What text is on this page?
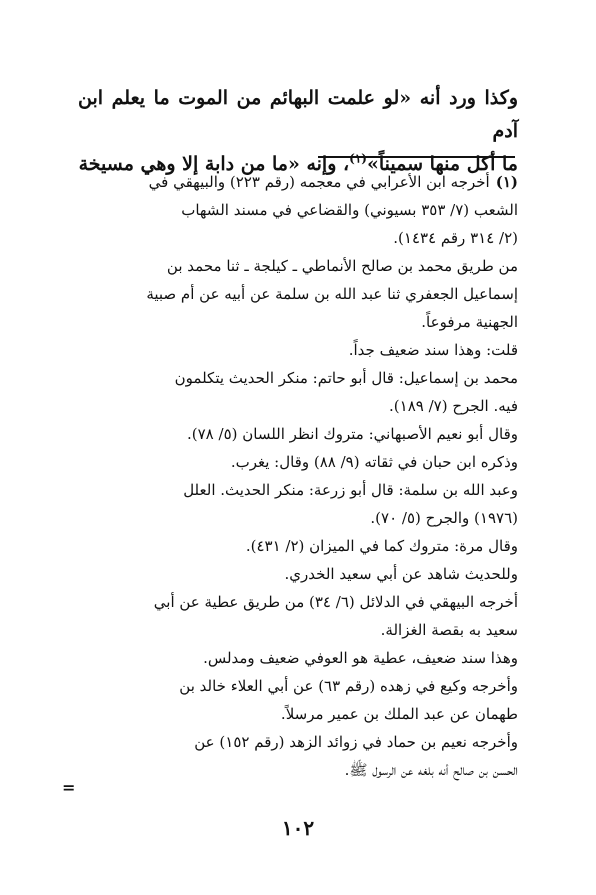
وكذا ورد أنه «لو علمت البهائم من الموت ما يعلم ابن آدم

ما أكل منها سميناً»$^{(١)}$، وإنه «ما من دابة إلا وهي مسيخة

(١)أخرجه ابن الأعرابي في معجمه (رقم ٢٢٣) والبيهقي في

الشعب (٧/ ٣٥٣ بسيوني) والقضاعي في مسند الشهاب

(٢/ ٣١٤ رقم ١٤٣٤).

من طريق محمد بن صالح الأنماطي ـ كيلجة ـ ثنا محمد بن

إسماعيل الجعفري ثنا عبد الله بن سلمة عن أبيه عن أم صبية

الجهنية مرفوعاً.

قلت: وهذا سند ضعيف جداً.

محمد بن إسماعيل: قال أبو حاتم: منكر الحديث يتكلمون

فيه. الجرح (٧/ ١٨٩).

وقال أبو نعيم الأصبهاني: متروك انظر اللسان (٥/ ٧٨).

وذكره ابن حبان في ثقاته (٩/ ٨٨) وقال: يغرب.

وعبد الله بن سلمة: قال أبو زرعة: منكر الحديث. العلل

(١٩٧٦) والجرح (٥/ ٧٠).

وقال مرة: متروك كما في الميزان (٢/ ٤٣١).

وللحديث شاهد عن أبي سعيد الخدري.

أخرجه البيهقي في الدلائل (٦/ ٣٤) من طريق عطية عن أبي

سعيد به بقصة الغزالة.

وهذا سند ضعيف، عطية هو العوفي ضعيف ومدلس.

وأخرجه وكيع في زهده (رقم ٦٣) عن أبي العلاء خالد بن

طهمان عن عبد الملك بن عمير مرسلاً.

وأخرجه نعيم بن حماد في زوائد الزهد (رقم ١٥٢) عن

الحسن بن صالح أنه بلغه عن الرسول ﷺ.

=
١٠٢
